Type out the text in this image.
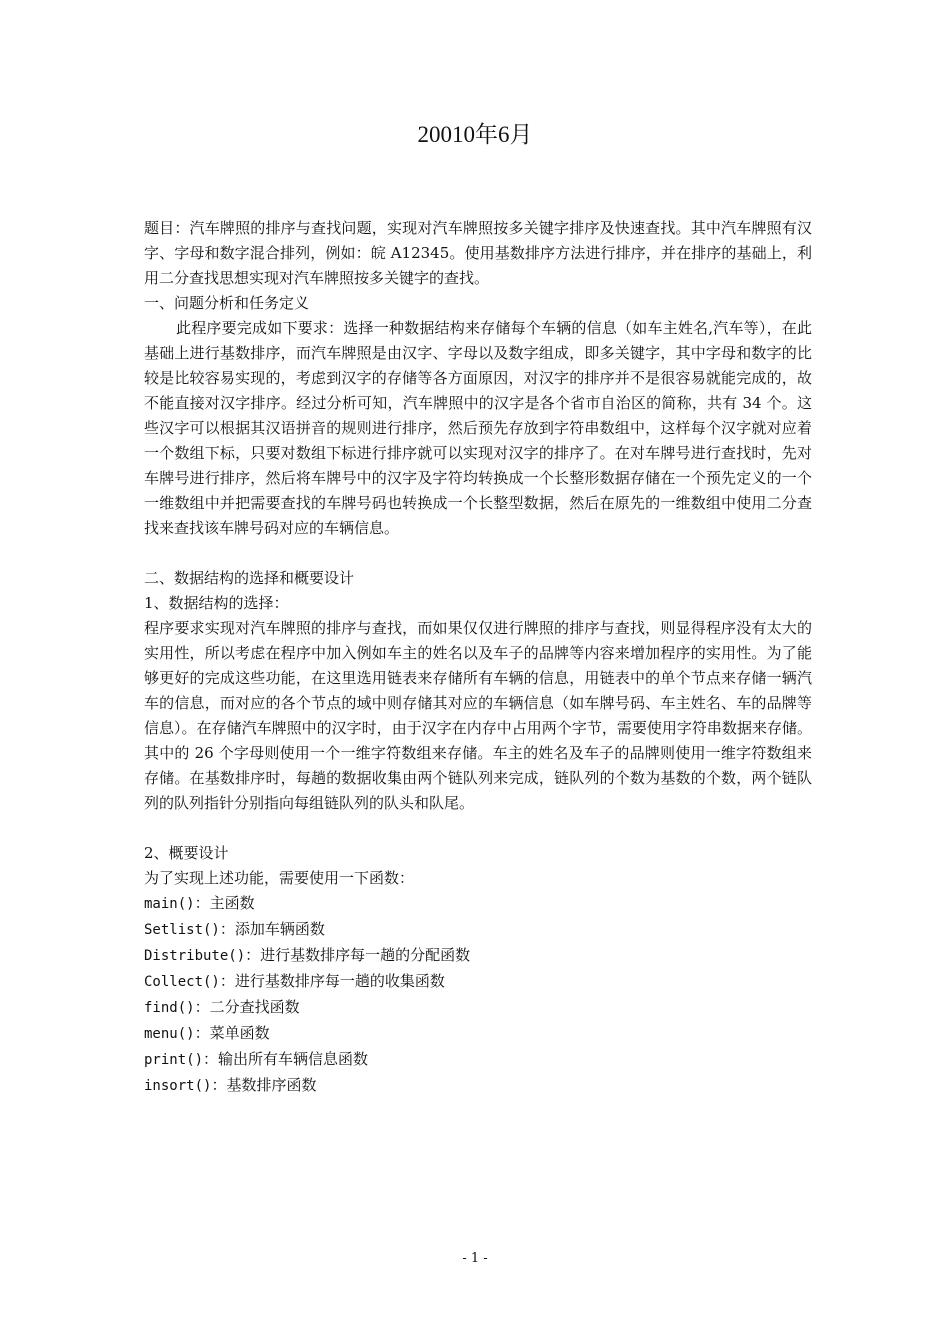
20010年6月

题目：汽车牌照的排序与查找问题，实现对汽车牌照按多关键字排序及快速查找。其中汽车牌照有汉字、字母和数字混合排列，例如：皖 A12345。使用基数排序方法进行排序，并在排序的基础上，利用二分查找思想实现对汽车牌照按多关键字的查找。

一、问题分析和任务定义

此程序要完成如下要求：选择一种数据结构来存储每个车辆的信息（如车主姓名,汽车等），在此基础上进行基数排序，而汽车牌照是由汉字、字母以及数字组成，即多关键字，其中字母和数字的比较是比较容易实现的，考虑到汉字的存储等各方面原因，对汉字的排序并不是很容易就能完成的，故不能直接对汉字排序。经过分析可知，汽车牌照中的汉字是各个省市自治区的简称，共有 34 个。这些汉字可以根据其汉语拼音的规则进行排序，然后预先存放到字符串数组中，这样每个汉字就对应着一个数组下标，只要对数组下标进行排序就可以实现对汉字的排序了。在对车牌号进行查找时，先对车牌号进行排序，然后将车牌号中的汉字及字符均转换成一个长整形数据存储在一个预先定义的一个一维数组中并把需要查找的车牌号码也转换成一个长整型数据，然后在原先的一维数组中使用二分查找来查找该车牌号码对应的车辆信息。

二、数据结构的选择和概要设计

1、数据结构的选择：

程序要求实现对汽车牌照的排序与查找，而如果仅仅进行牌照的排序与查找，则显得程序没有太大的实用性，所以考虑在程序中加入例如车主的姓名以及车子的品牌等内容来增加程序的实用性。为了能够更好的完成这些功能，在这里选用链表来存储所有车辆的信息，用链表中的单个节点来存储一辆汽车的信息，而对应的各个节点的域中则存储其对应的车辆信息（如车牌号码、车主姓名、车的品牌等信息）。在存储汽车牌照中的汉字时，由于汉字在内存中占用两个字节，需要使用字符串数据来存储。其中的 26 个字母则使用一个一维字符数组来存储。车主的姓名及车子的品牌则使用一维字符数组来存储。在基数排序时，每趟的数据收集由两个链队列来完成，链队列的个数为基数的个数，两个链队列的队列指针分别指向每组链队列的队头和队尾。

2、概要设计

为了实现上述功能，需要使用一下函数：

main()：主函数

Setlist()：添加车辆函数

Distribute()：进行基数排序每一趟的分配函数

Collect()：进行基数排序每一趟的收集函数

find()：二分查找函数

menu()：菜单函数

print()：输出所有车辆信息函数

insort()：基数排序函数

- 1 -
